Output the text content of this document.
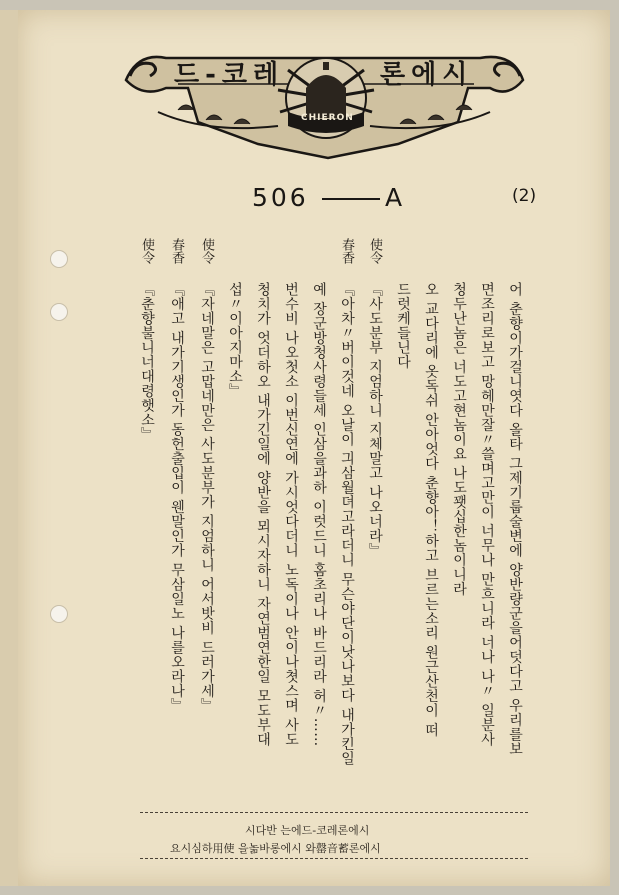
드-코레	론에시
CHIERON
506	A	(2)
어 춘향이가걸니엿다 올타 그제기룹술변에 양반량군을어덧다고 우리를보
면조리로보고 망헤만잘〃쓸며고만이 너무나 만흐니라 너나 나〃 일분사
청두난놈은 너도고현놈이요 나도꽷십한놈이니라
오 교다리에 옷독쉬 안아엇다 춘향아！하고 브르는소리 원근산천이 떠
드럿케들닌다
使令
『사도분부 지엄하니 지체말고 나오너라』
春香
『아차〃버이것네 오날이 긔삼월뎌고라더니 무슨야단이낫나보다 내가킨일
예 장군방청사령들세 인삼을과하 이럿드니 홈초리나 바드리라 허〃……
번수비 나오첫소 이번신연에 가시엇다더니 노독이나 안이나쳣스며 사도
청치가 엇더하오 내가긴일에 양반을 뫼시자하니 자연범연한일 모도부대
섭〃이아지마소』
使令
『자네말은 고맙네만은 사도분부가 지엄하니 어서밧비 드러가세』
春香
『애고 내가기생인가 동헌출입이 웬말인가 무삼일노 나를오라나』
使令
『춘향불니너대령햇소』
시다반 는에드-코레론에시
요시심하用使 을놂바롱에시 와罄音蓄론에시
